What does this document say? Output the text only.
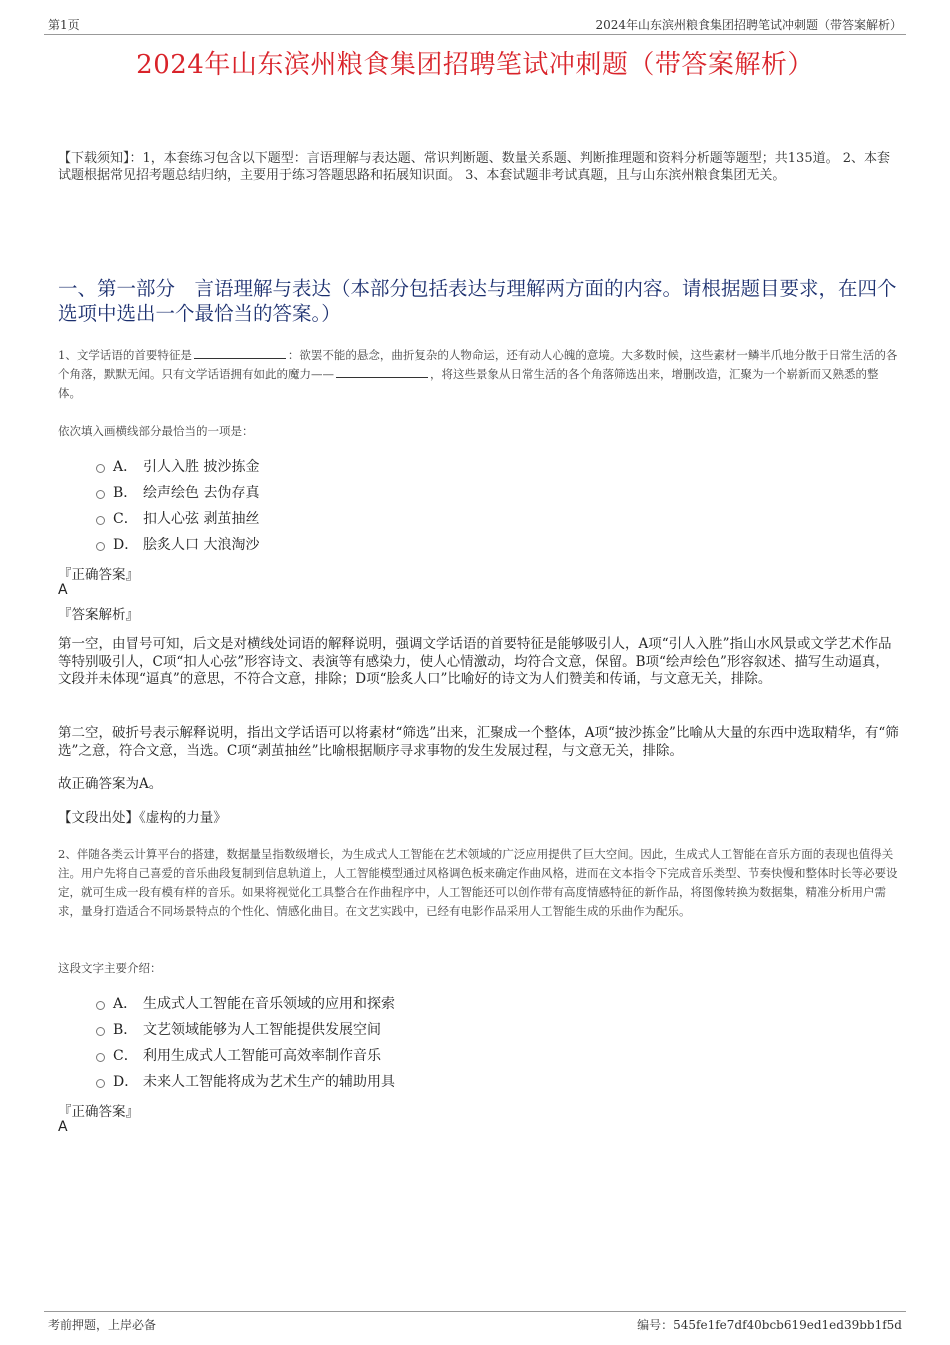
第1页	2024年山东滨州粮食集团招聘笔试冲刺题（带答案解析）
2024年山东滨州粮食集团招聘笔试冲刺题（带答案解析）
【下载须知】：1，本套练习包含以下题型：言语理解与表达题、常识判断题、数量关系题、判断推理题和资料分析题等题型；共135道。 2、本套试题根据常见招考题总结归纳，主要用于练习答题思路和拓展知识面。 3、本套试题非考试真题，且与山东滨州粮食集团无关。
一、第一部分　言语理解与表达（本部分包括表达与理解两方面的内容。请根据题目要求，在四个选项中选出一个最恰当的答案。）
1、文学话语的首要特征是	：欲罢不能的悬念，曲折复杂的人物命运，还有动人心魄的意境。大多数时候，这些素材一鳞半爪地分散于日常生活的各个角落，默默无闻。只有文学话语拥有如此的魔力——	，将这些景象从日常生活的各个角落筛选出来，增删改造，汇聚为一个崭新而又熟悉的整体。
依次填入画横线部分最恰当的一项是：
A． 引人入胜 披沙拣金
B． 绘声绘色 去伪存真
C． 扣人心弦 剥茧抽丝
D． 脍炙人口 大浪淘沙
『正确答案』
A
『答案解析』
第一空，由冒号可知，后文是对横线处词语的解释说明，强调文学话语的首要特征是能够吸引人，A项“引人入胜”指山水风景或文学艺术作品等特别吸引人，C项“扣人心弦”形容诗文、表演等有感染力，使人心情激动，均符合文意，保留。B项“绘声绘色”形容叙述、描写生动逼真，文段并未体现“逼真”的意思，不符合文意，排除；D项“脍炙人口”比喻好的诗文为人们赞美和传诵，与文意无关，排除。
第二空，破折号表示解释说明，指出文学话语可以将素材“筛选”出来，汇聚成一个整体，A项“披沙拣金”比喻从大量的东西中选取精华，有“筛选”之意，符合文意，当选。C项“剥茧抽丝”比喻根据顺序寻求事物的发生发展过程，与文意无关，排除。
故正确答案为A。
【文段出处】《虚构的力量》
2、伴随各类云计算平台的搭建，数据量呈指数级增长，为生成式人工智能在艺术领域的广泛应用提供了巨大空间。因此，生成式人工智能在音乐方面的表现也值得关注。用户先将自己喜爱的音乐曲段复制到信息轨道上，人工智能模型通过风格调色板来确定作曲风格，进而在文本指令下完成音乐类型、节奏快慢和整体时长等必要设定，就可生成一段有模有样的音乐。如果将视觉化工具整合在作曲程序中，人工智能还可以创作带有高度情感特征的新作品，将图像转换为数据集，精准分析用户需求，量身打造适合不同场景特点的个性化、情感化曲目。在文艺实践中，已经有电影作品采用人工智能生成的乐曲作为配乐。
这段文字主要介绍：
A． 生成式人工智能在音乐领域的应用和探索
B． 文艺领域能够为人工智能提供发展空间
C． 利用生成式人工智能可高效率制作音乐
D． 未来人工智能将成为艺术生产的辅助用具
『正确答案』
A
考前押题，上岸必备	编号：545fe1fe7df40bcb619ed1ed39bb1f5d
